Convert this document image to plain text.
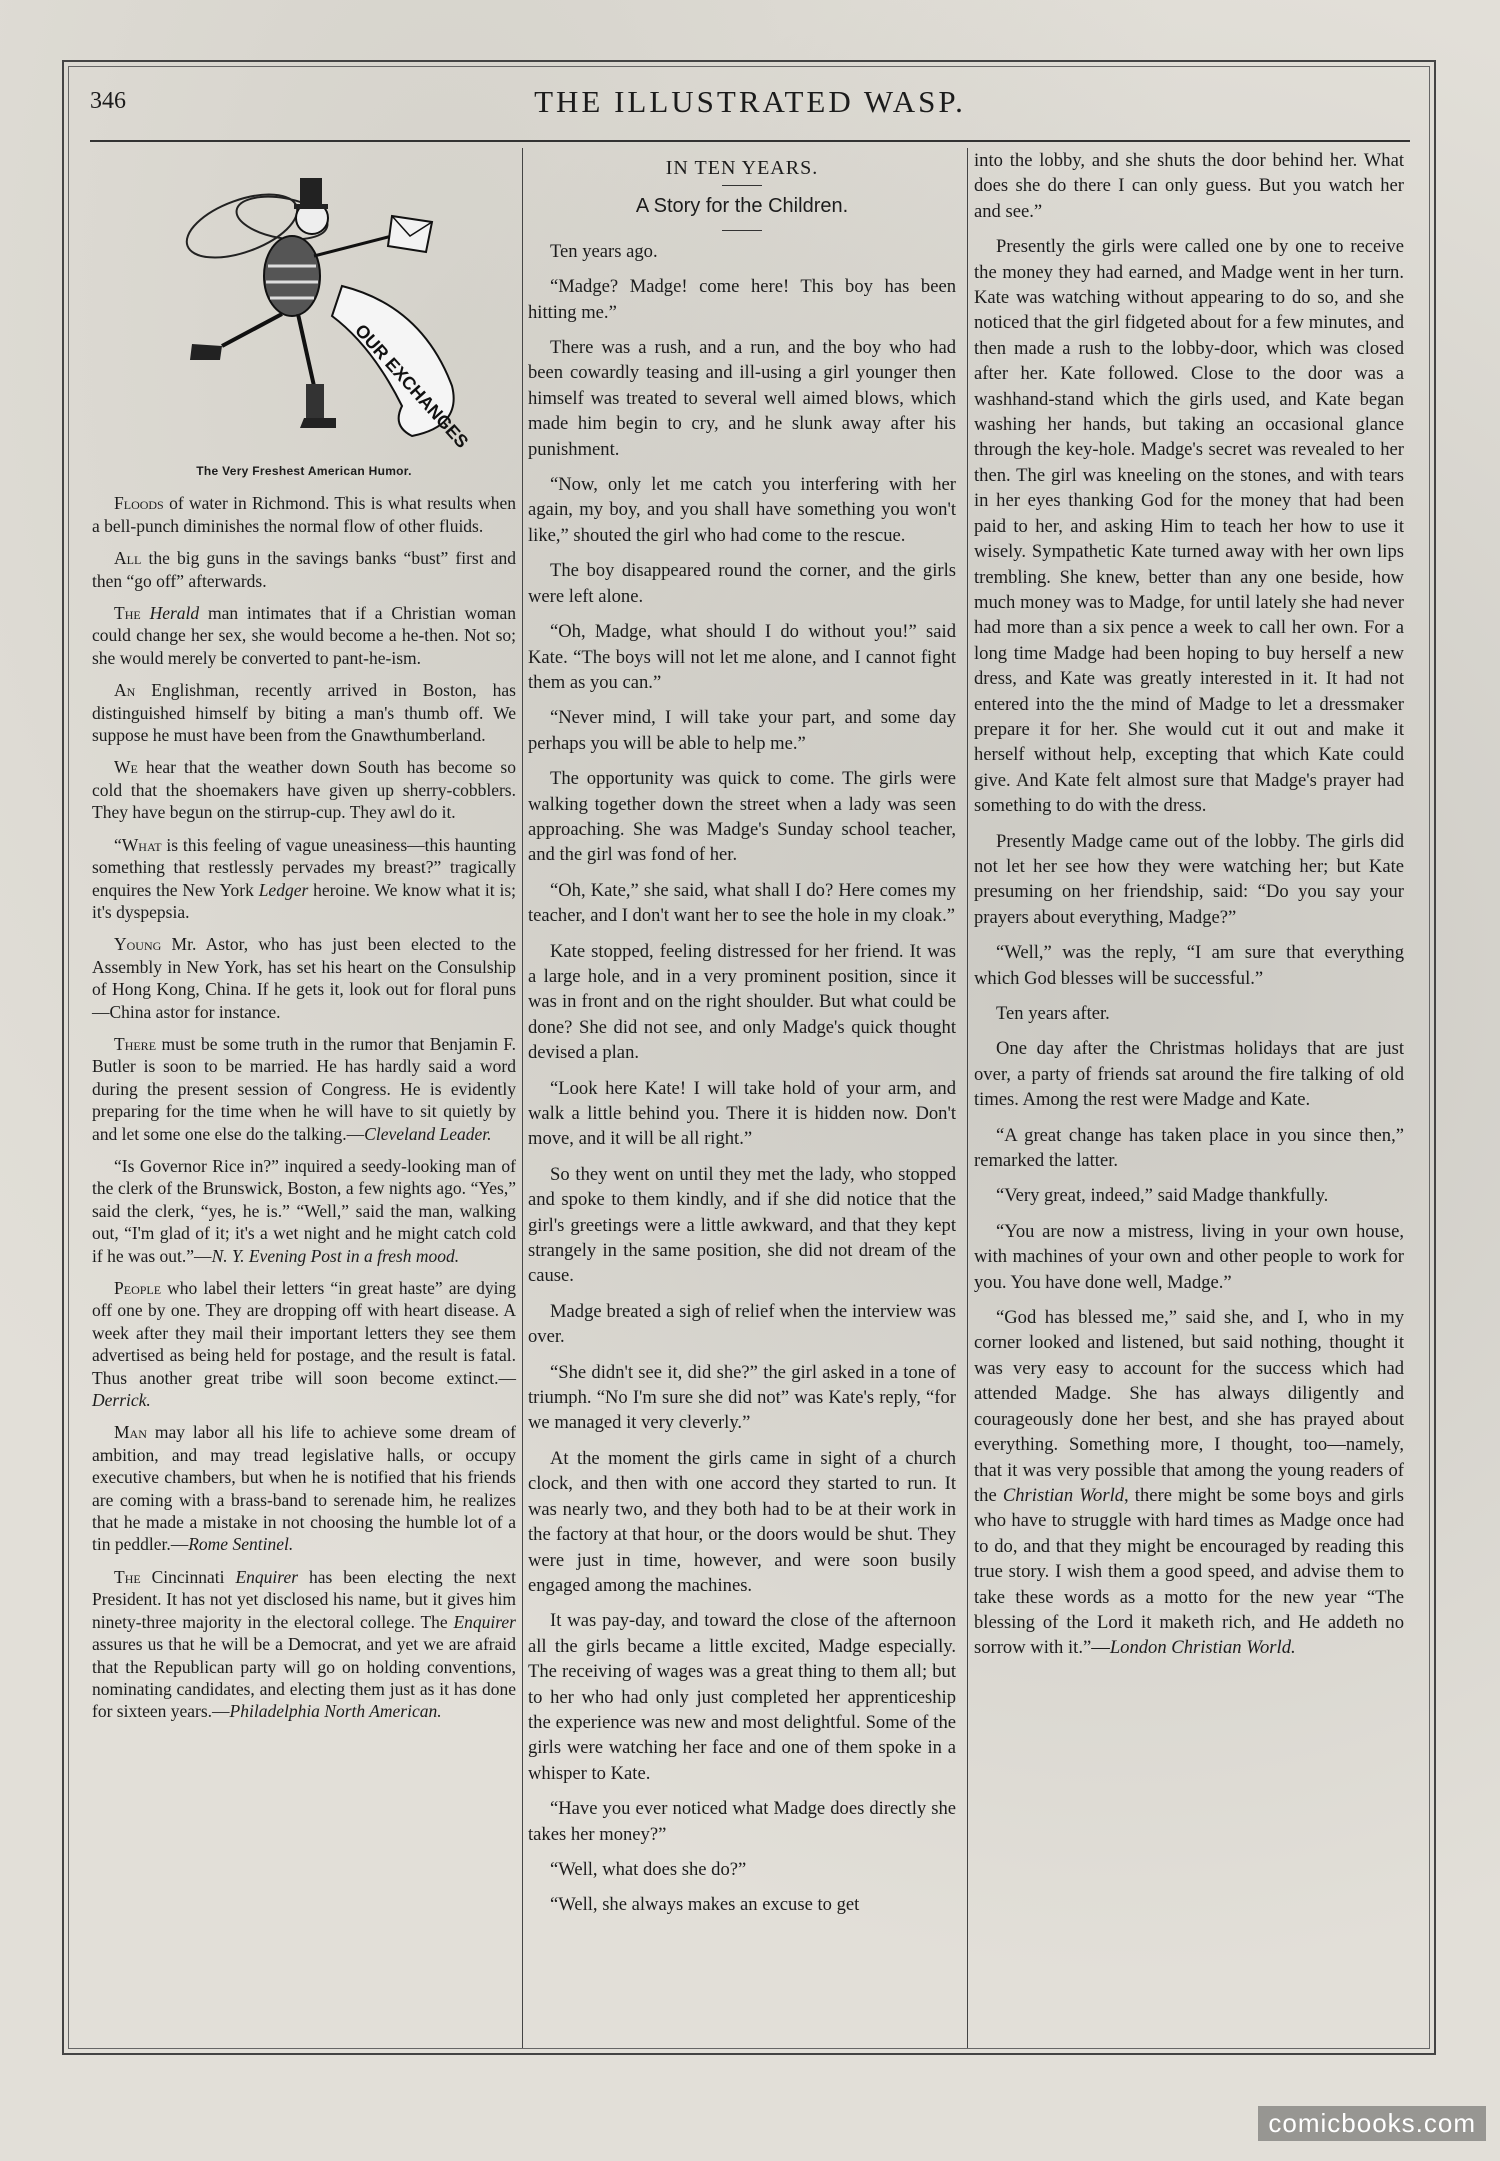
346	THE ILLUSTRATED WASP.
OUR EXCHANGES
The Very Freshest American Humor.

Floods of water in Richmond. This is what results when a bell-punch diminishes the normal flow of other fluids.

All the big guns in the savings banks “bust” first and then “go off” afterwards.

The Herald man intimates that if a Christian woman could change her sex, she would become a he-then. Not so; she would merely be converted to pant-he-ism.

An Englishman, recently arrived in Boston, has distinguished himself by biting a man's thumb off. We suppose he must have been from the Gnawthumberland.

We hear that the weather down South has become so cold that the shoemakers have given up sherry-cobblers. They have begun on the stirrup-cup. They awl do it.

“What is this feeling of vague uneasiness—this haunting something that restlessly pervades my breast?” tragically enquires the New York Ledger heroine. We know what it is; it's dyspepsia.

Young Mr. Astor, who has just been elected to the Assembly in New York, has set his heart on the Consulship of Hong Kong, China. If he gets it, look out for floral puns—China astor for instance.

There must be some truth in the rumor that Benjamin F. Butler is soon to be married. He has hardly said a word during the present session of Congress. He is evidently preparing for the time when he will have to sit quietly by and let some one else do the talking.—Cleveland Leader.

“Is Governor Rice in?” inquired a seedy-looking man of the clerk of the Brunswick, Boston, a few nights ago. “Yes,” said the clerk, “yes, he is.” “Well,” said the man, walking out, “I'm glad of it; it's a wet night and he might catch cold if he was out.”—N. Y. Evening Post in a fresh mood.

People who label their letters “in great haste” are dying off one by one. They are dropping off with heart disease. A week after they mail their important letters they see them advertised as being held for postage, and the result is fatal. Thus another great tribe will soon become extinct.—Derrick.

Man may labor all his life to achieve some dream of ambition, and may tread legislative halls, or occupy executive chambers, but when he is notified that his friends are coming with a brass-band to serenade him, he realizes that he made a mistake in not choosing the humble lot of a tin peddler.—Rome Sentinel.

The Cincinnati Enquirer has been electing the next President. It has not yet disclosed his name, but it gives him ninety-three majority in the electoral college. The Enquirer assures us that he will be a Democrat, and yet we are afraid that the Republican party will go on holding conventions, nominating candidates, and electing them just as it has done for sixteen years.—Philadelphia North American.

IN TEN YEARS.
A Story for the Children.

Ten years ago.

“Madge? Madge! come here! This boy has been hitting me.”

There was a rush, and a run, and the boy who had been cowardly teasing and ill-using a girl younger then himself was treated to several well aimed blows, which made him begin to cry, and he slunk away after his punishment.

“Now, only let me catch you interfering with her again, my boy, and you shall have something you won't like,” shouted the girl who had come to the rescue.

The boy disappeared round the corner, and the girls were left alone.

“Oh, Madge, what should I do without you!” said Kate. “The boys will not let me alone, and I cannot fight them as you can.”

“Never mind, I will take your part, and some day perhaps you will be able to help me.”

The opportunity was quick to come. The girls were walking together down the street when a lady was seen approaching. She was Madge's Sunday school teacher, and the girl was fond of her.

“Oh, Kate,” she said, what shall I do? Here comes my teacher, and I don't want her to see the hole in my cloak.”

Kate stopped, feeling distressed for her friend. It was a large hole, and in a very prominent position, since it was in front and on the right shoulder. But what could be done? She did not see, and only Madge's quick thought devised a plan.

“Look here Kate! I will take hold of your arm, and walk a little behind you. There it is hidden now. Don't move, and it will be all right.”

So they went on until they met the lady, who stopped and spoke to them kindly, and if she did notice that the girl's greetings were a little awkward, and that they kept strangely in the same position, she did not dream of the cause.

Madge breated a sigh of relief when the interview was over.

“She didn't see it, did she?” the girl asked in a tone of triumph. “No I'm sure she did not” was Kate's reply, “for we managed it very cleverly.”

At the moment the girls came in sight of a church clock, and then with one accord they started to run. It was nearly two, and they both had to be at their work in the factory at that hour, or the doors would be shut. They were just in time, however, and were soon busily engaged among the machines.

It was pay-day, and toward the close of the afternoon all the girls became a little excited, Madge especially. The receiving of wages was a great thing to them all; but to her who had only just completed her apprenticeship the experience was new and most delightful. Some of the girls were watching her face and one of them spoke in a whisper to Kate.

“Have you ever noticed what Madge does directly she takes her money?”

“Well, what does she do?”

“Well, she always makes an excuse to get

into the lobby, and she shuts the door behind her. What does she do there I can only guess. But you watch her and see.”

Presently the girls were called one by one to receive the money they had earned, and Madge went in her turn. Kate was watching without appearing to do so, and she noticed that the girl fidgeted about for a few minutes, and then made a rush to the lobby-door, which was closed after her. Kate followed. Close to the door was a washhand-stand which the girls used, and Kate began washing her hands, but taking an occasional glance through the key-hole. Madge's secret was revealed to her then. The girl was kneeling on the stones, and with tears in her eyes thanking God for the money that had been paid to her, and asking Him to teach her how to use it wisely. Sympathetic Kate turned away with her own lips trembling. She knew, better than any one beside, how much money was to Madge, for until lately she had never had more than a six pence a week to call her own. For a long time Madge had been hoping to buy herself a new dress, and Kate was greatly interested in it. It had not entered into the the mind of Madge to let a dressmaker prepare it for her. She would cut it out and make it herself without help, excepting that which Kate could give. And Kate felt almost sure that Madge's prayer had something to do with the dress.

Presently Madge came out of the lobby. The girls did not let her see how they were watching her; but Kate presuming on her friendship, said: “Do you say your prayers about everything, Madge?”

“Well,” was the reply, “I am sure that everything which God blesses will be successful.”

Ten years after.

One day after the Christmas holidays that are just over, a party of friends sat around the fire talking of old times. Among the rest were Madge and Kate.

“A great change has taken place in you since then,” remarked the latter.

“Very great, indeed,” said Madge thankfully.

“You are now a mistress, living in your own house, with machines of your own and other people to work for you. You have done well, Madge.”

“God has blessed me,” said she, and I, who in my corner looked and listened, but said nothing, thought it was very easy to account for the success which had attended Madge. She has always diligently and courageously done her best, and she has prayed about everything. Something more, I thought, too—namely, that it was very possible that among the young readers of the Christian World, there might be some boys and girls who have to struggle with hard times as Madge once had to do, and that they might be encouraged by reading this true story. I wish them a good speed, and advise them to take these words as a motto for the new year “The blessing of the Lord it maketh rich, and He addeth no sorrow with it.”—London Christian World.

comicbooks.com
